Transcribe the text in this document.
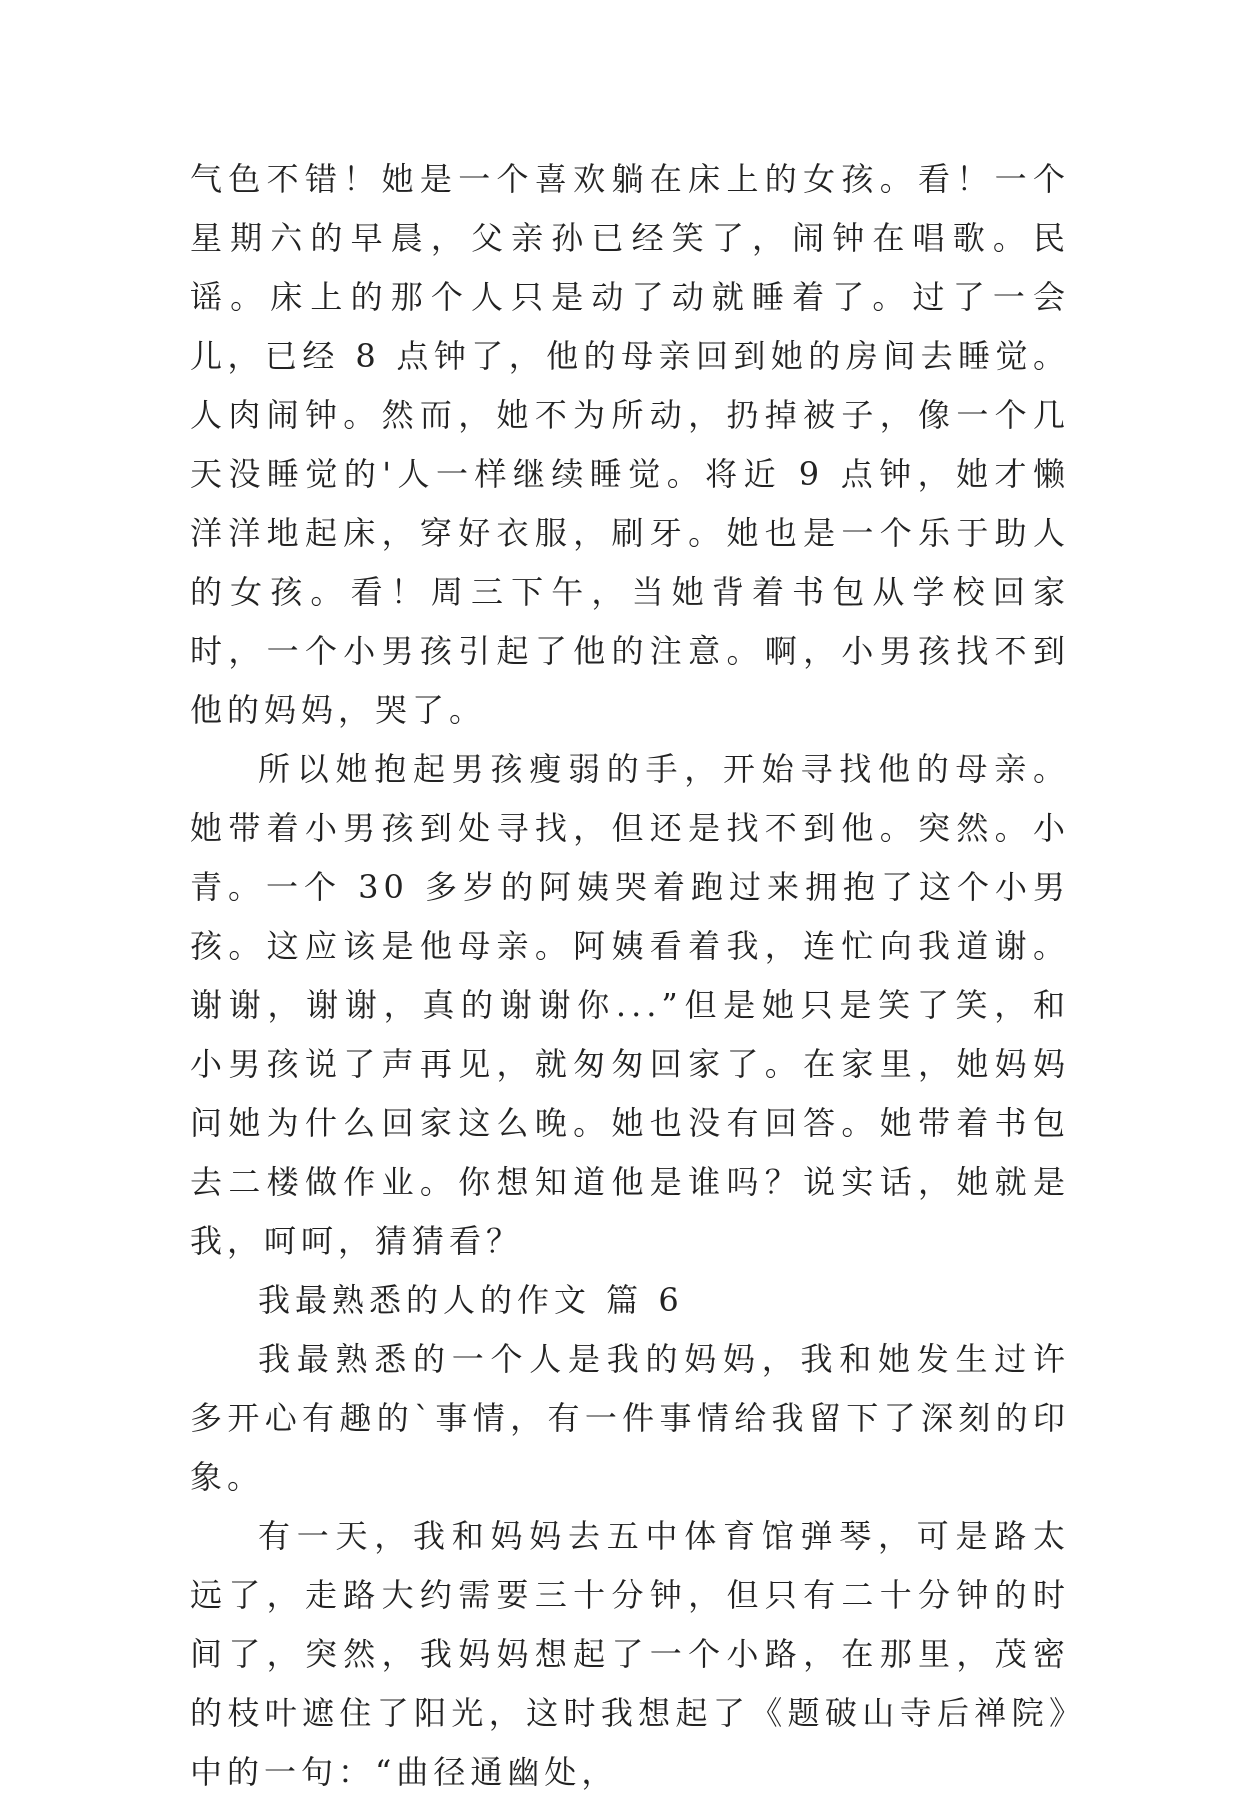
气色不错！她是一个喜欢躺在床上的女孩。看！一个星期六的早晨，父亲孙已经笑了，闹钟在唱歌。民谣。床上的那个人只是动了动就睡着了。过了一会儿，已经 8 点钟了，他的母亲回到她的房间去睡觉。人肉闹钟。然而，她不为所动，扔掉被子，像一个几天没睡觉的'人一样继续睡觉。将近 9 点钟，她才懒洋洋地起床，穿好衣服，刷牙。她也是一个乐于助人的女孩。看！周三下午，当她背着书包从学校回家时，一个小男孩引起了他的注意。啊，小男孩找不到他的妈妈，哭了。

所以她抱起男孩瘦弱的手，开始寻找他的母亲。她带着小男孩到处寻找，但还是找不到他。突然。小青。一个 30 多岁的阿姨哭着跑过来拥抱了这个小男孩。这应该是他母亲。阿姨看着我，连忙向我道谢。谢谢，谢谢，真的谢谢你...”但是她只是笑了笑，和小男孩说了声再见，就匆匆回家了。在家里，她妈妈问她为什么回家这么晚。她也没有回答。她带着书包去二楼做作业。你想知道他是谁吗？说实话，她就是我，呵呵，猜猜看？

我最熟悉的人的作文 篇 6

我最熟悉的一个人是我的妈妈，我和她发生过许多开心有趣的`事情，有一件事情给我留下了深刻的印象。

有一天，我和妈妈去五中体育馆弹琴，可是路太远了，走路大约需要三十分钟，但只有二十分钟的时间了，突然，我妈妈想起了一个小路，在那里，茂密的枝叶遮住了阳光，这时我想起了《题破山寺后禅院》中的一句：“曲径通幽处，
